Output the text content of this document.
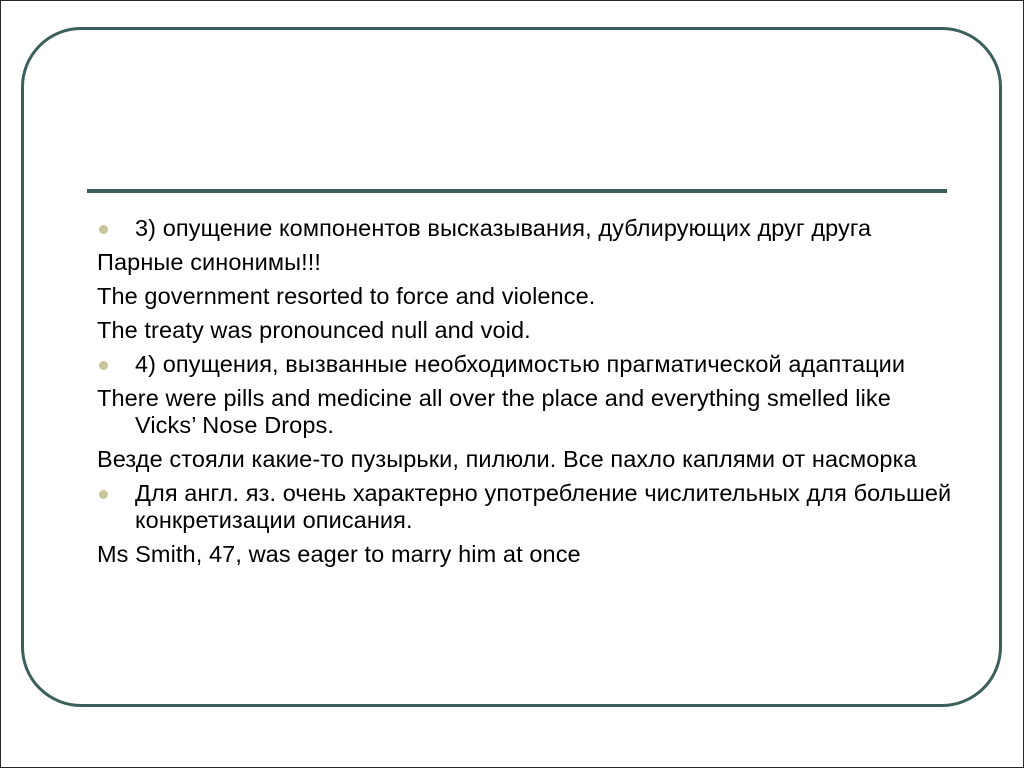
3) опущение компонентов высказывания, дублирующих друг друга
Парные синонимы!!!
The government resorted to force and violence.
The treaty was pronounced null and void.
4) опущения, вызванные необходимостью прагматической адаптации
There were pills and medicine all over the place and everything smelled like Vicks’ Nose Drops.
Везде стояли какие-то пузырьки, пилюли. Все пахло каплями от насморка
Для англ. яз. очень характерно употребление числительных для большей конкретизации описания.
Ms Smith, 47, was eager to marry him at once
